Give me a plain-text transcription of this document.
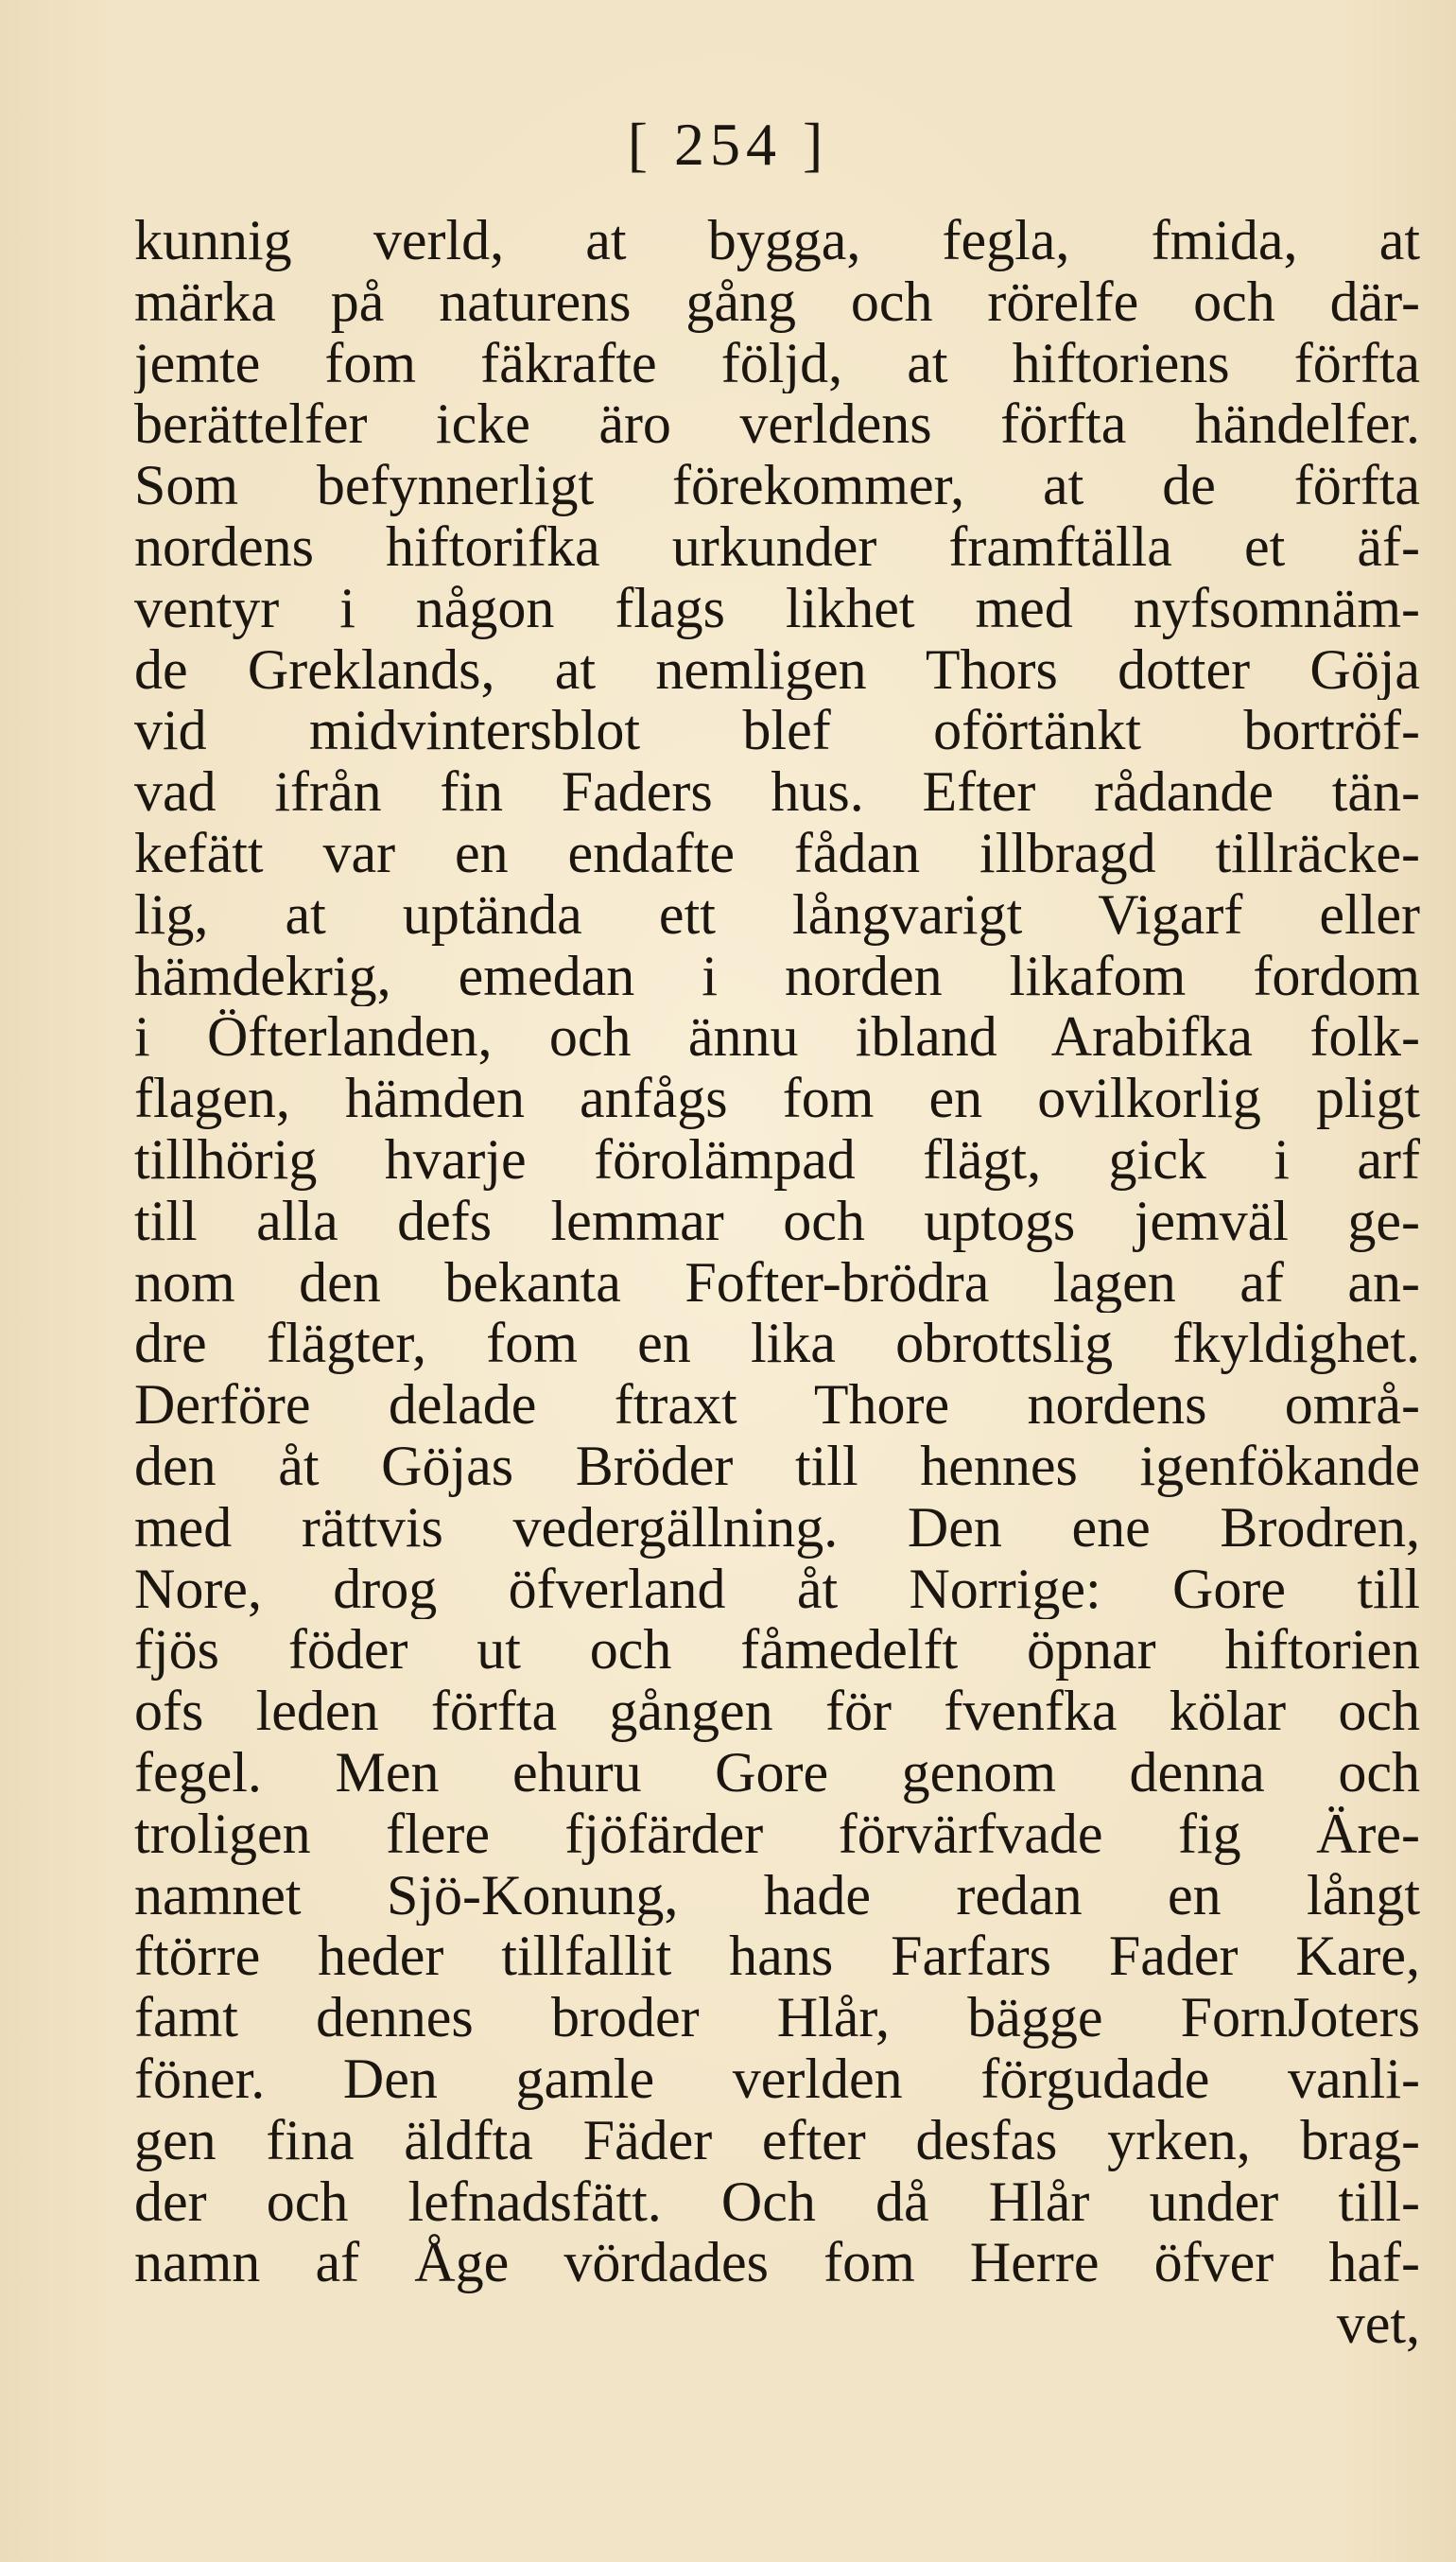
[ 254 ]
kunnig verld, at bygga, fegla, fmida, at
märka på naturens gång och rörelfe och där-
jemte fom fäkrafte följd, at hiftoriens förfta
berättelfer icke äro verldens förfta händelfer.
Som befynnerligt förekommer, at de förfta
nordens hiftorifka urkunder framftälla et äf-
ventyr i någon flags likhet med nyfsomnäm-
de Greklands, at nemligen Thors dotter Göja
vid midvintersblot blef oförtänkt bortröf-
vad ifrån fin Faders hus. Efter rådande tän-
kefätt var en endafte fådan illbragd tillräcke-
lig, at uptända ett långvarigt Vigarf eller
hämdekrig, emedan i norden likafom fordom
i Öfterlanden, och ännu ibland Arabifka folk-
flagen, hämden anfågs fom en ovilkorlig pligt
tillhörig hvarje förolämpad flägt, gick i arf
till alla defs lemmar och uptogs jemväl ge-
nom den bekanta Fofter-brödra lagen af an-
dre flägter, fom en lika obrottslig fkyldighet.
Derföre delade ftraxt Thore nordens områ-
den åt Göjas Bröder till hennes igenfökande
med rättvis vedergällning. Den ene Brodren,
Nore, drog öfverland åt Norrige: Gore till
fjös föder ut och fåmedelft öpnar hiftorien
ofs leden förfta gången för fvenfka kölar och
fegel. Men ehuru Gore genom denna och
troligen flere fjöfärder förvärfvade fig Äre-
namnet Sjö-Konung, hade redan en långt
ftörre heder tillfallit hans Farfars Fader Kare,
famt dennes broder Hlår, bägge FornJoters
föner. Den gamle verlden förgudade vanli-
gen fina äldfta Fäder efter desfas yrken, brag-
der och lefnadsfätt. Och då Hlår under till-
namn af Åge vördades fom Herre öfver haf-
vet,
